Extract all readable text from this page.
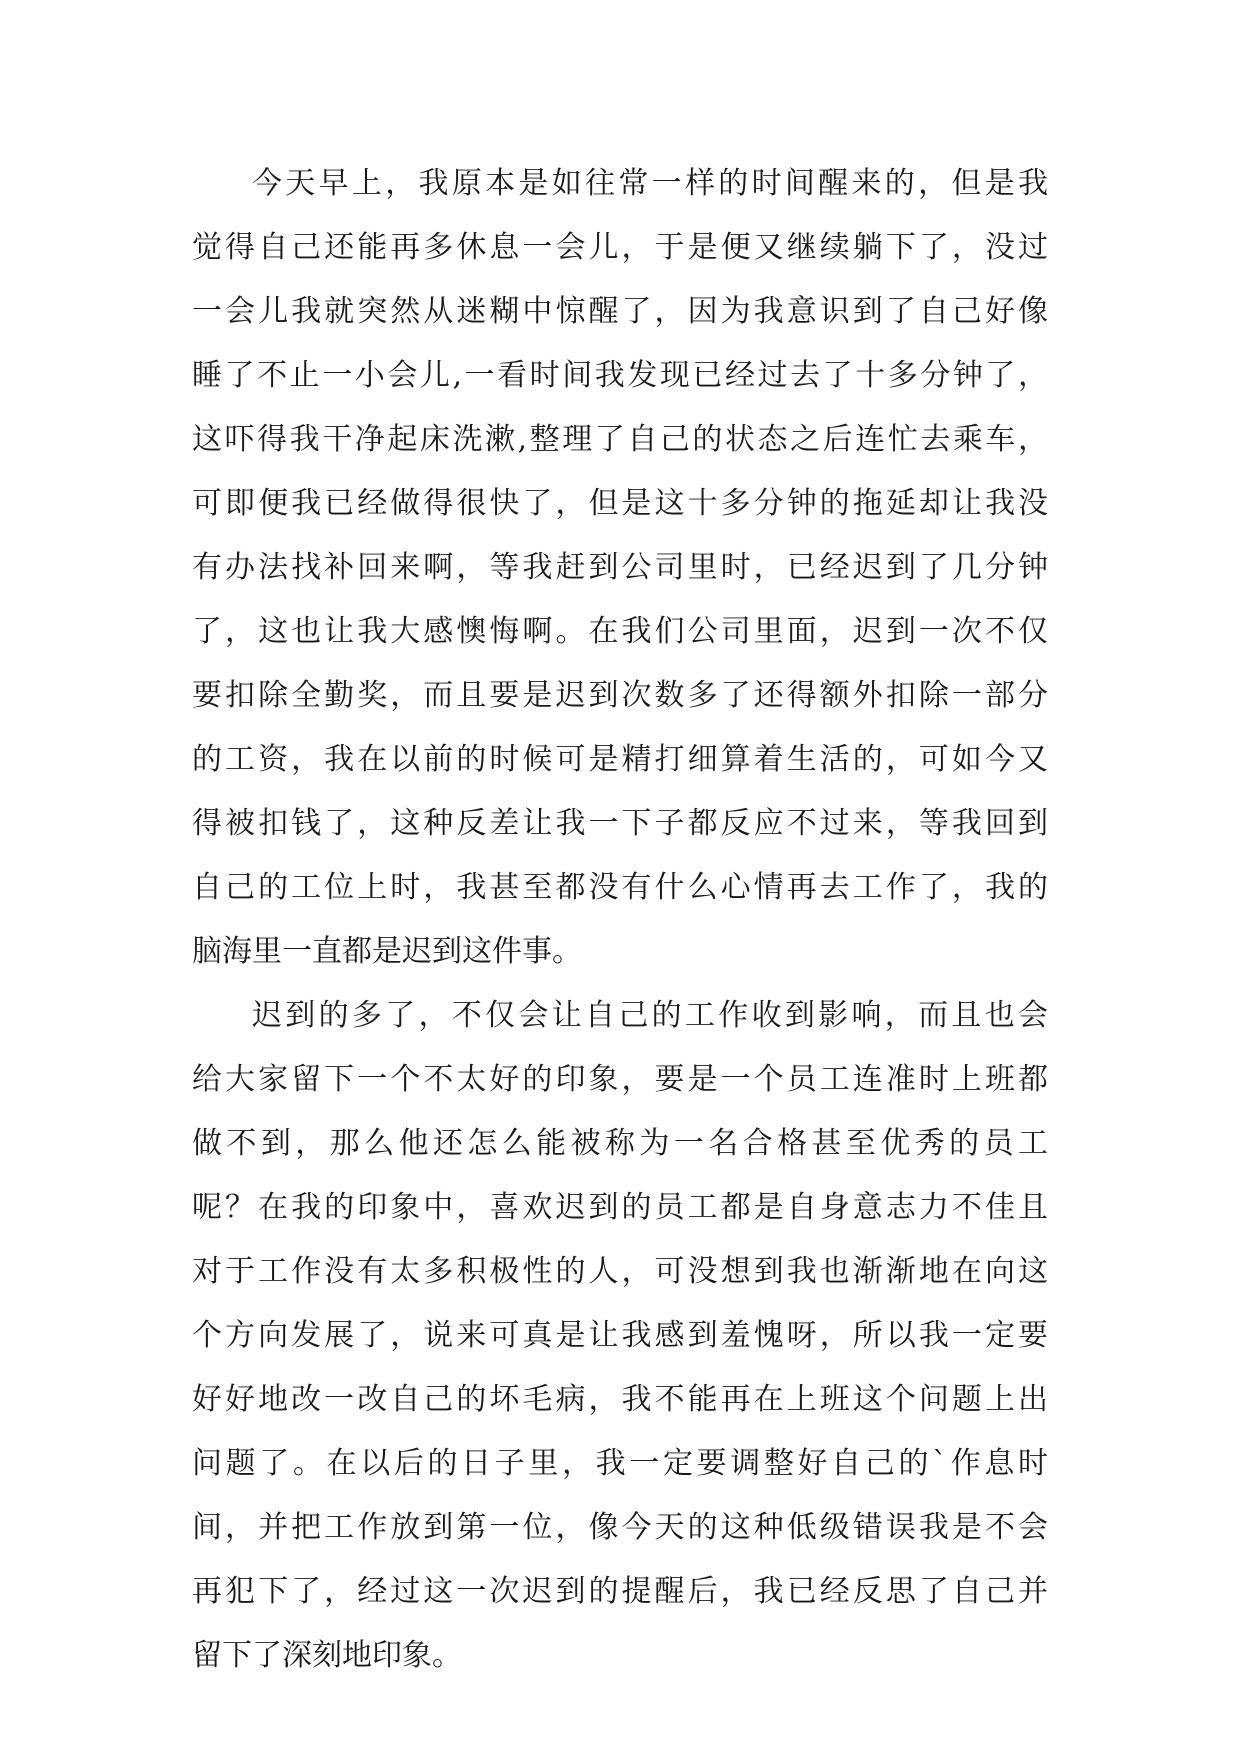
今天早上，我原本是如往常一样的时间醒来的，但是我
觉得自己还能再多休息一会儿，于是便又继续躺下了，没过
一会儿我就突然从迷糊中惊醒了，因为我意识到了自己好像
睡了不止一小会儿,一看时间我发现已经过去了十多分钟了，
这吓得我干净起床洗漱,整理了自己的状态之后连忙去乘车，
可即便我已经做得很快了，但是这十多分钟的拖延却让我没
有办法找补回来啊，等我赶到公司里时，已经迟到了几分钟
了，这也让我大感懊悔啊。在我们公司里面，迟到一次不仅
要扣除全勤奖，而且要是迟到次数多了还得额外扣除一部分
的工资，我在以前的时候可是精打细算着生活的，可如今又
得被扣钱了，这种反差让我一下子都反应不过来，等我回到
自己的工位上时，我甚至都没有什么心情再去工作了，我的
脑海里一直都是迟到这件事。
迟到的多了，不仅会让自己的工作收到影响，而且也会
给大家留下一个不太好的印象，要是一个员工连准时上班都
做不到，那么他还怎么能被称为一名合格甚至优秀的员工
呢？在我的印象中，喜欢迟到的员工都是自身意志力不佳且
对于工作没有太多积极性的人，可没想到我也渐渐地在向这
个方向发展了，说来可真是让我感到羞愧呀，所以我一定要
好好地改一改自己的坏毛病，我不能再在上班这个问题上出
问题了。在以后的日子里，我一定要调整好自己的`作息时
间，并把工作放到第一位，像今天的这种低级错误我是不会
再犯下了，经过这一次迟到的提醒后，我已经反思了自己并
留下了深刻地印象。
